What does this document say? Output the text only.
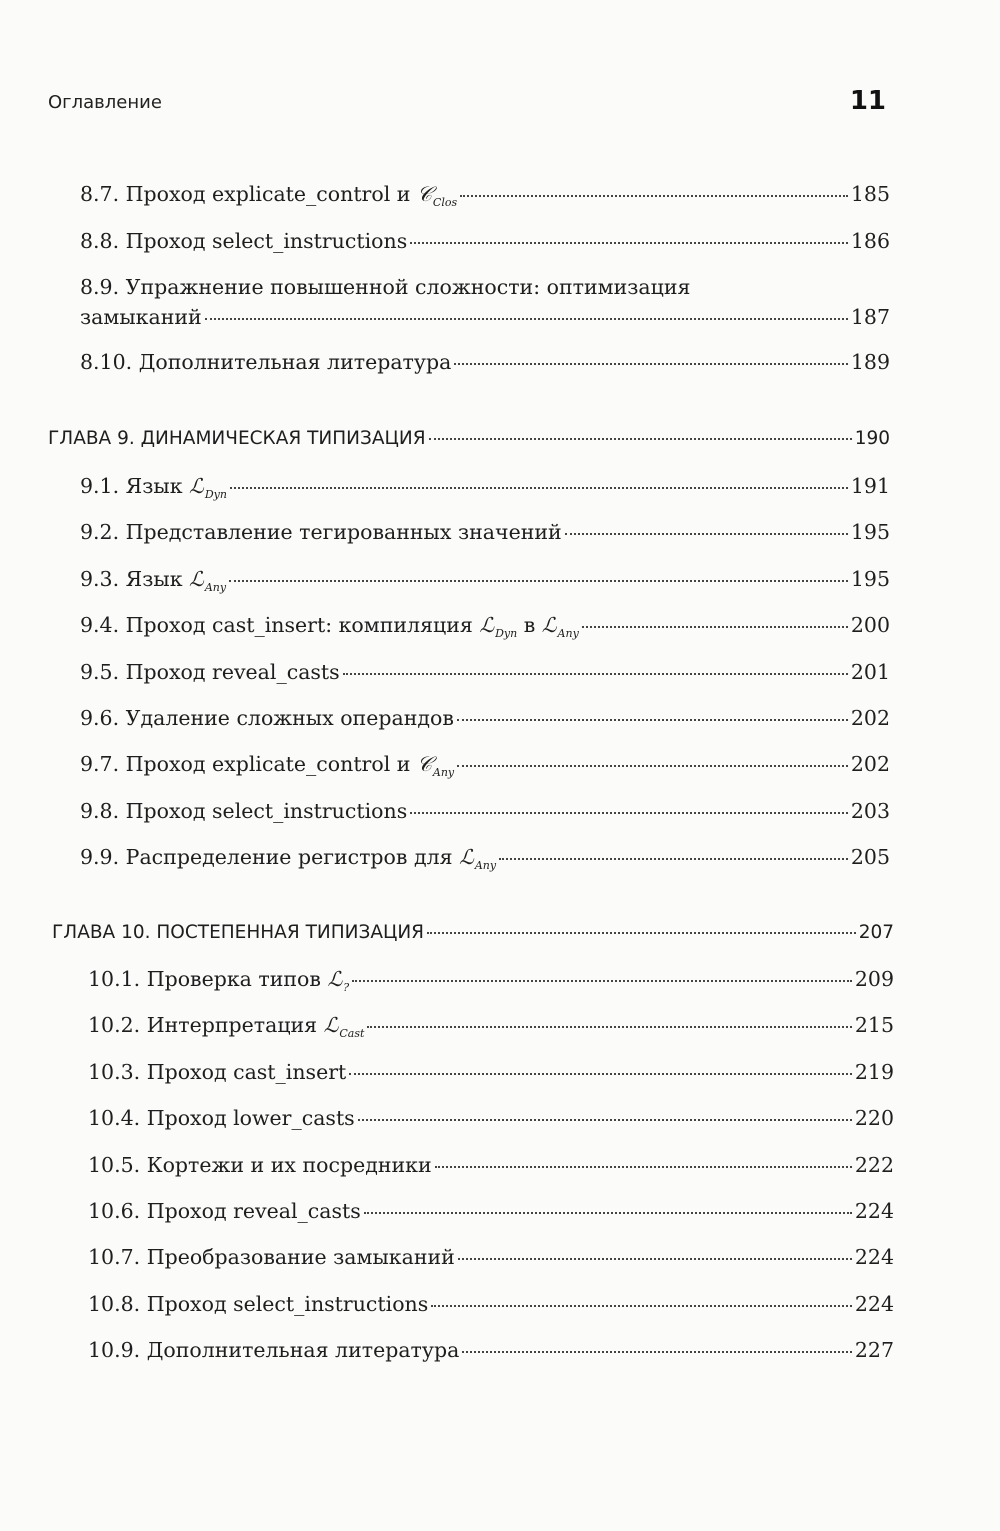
Оглавление	11
8.7. Проход explicate_control и 𝒞$_{Clos}$	185
8.8. Проход select_instructions	186
8.9. Упражнение повышенной сложности: оптимизация
замыканий	187
8.10. Дополнительная литература	189
ГЛАВА 9. ДИНАМИЧЕСКАЯ ТИПИЗАЦИЯ	190
9.1. Язык ℒ$_{Dyn}$	191
9.2. Представление тегированных значений	195
9.3. Язык ℒ$_{Any}$	195
9.4. Проход cast_insert: компиляция ℒ$_{Dyn}$ в ℒ$_{Any}$	200
9.5. Проход reveal_casts	201
9.6. Удаление сложных операндов	202
9.7. Проход explicate_control и 𝒞$_{Any}$	202
9.8. Проход select_instructions	203
9.9. Распределение регистров для ℒ$_{Any}$	205
ГЛАВА 10. ПОСТЕПЕННАЯ ТИПИЗАЦИЯ	207
10.1. Проверка типов ℒ$_?$	209
10.2. Интерпретация ℒ$_{Cast}$	215
10.3. Проход cast_insert	219
10.4. Проход lower_casts	220
10.5. Кортежи и их посредники	222
10.6. Проход reveal_casts	224
10.7. Преобразование замыканий	224
10.8. Проход select_instructions	224
10.9. Дополнительная литература	227
